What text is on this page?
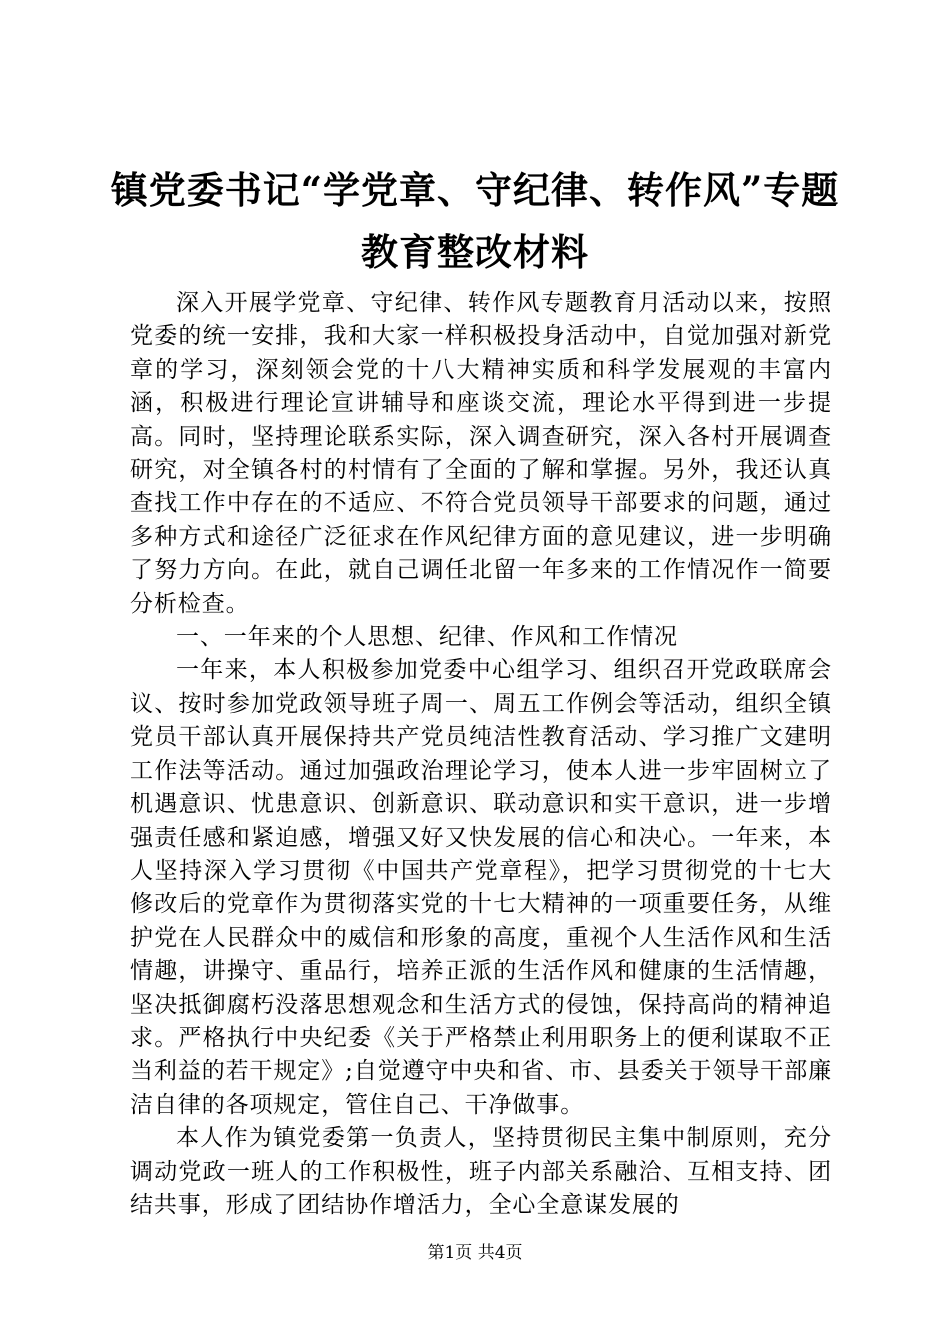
镇党委书记“学党章、守纪律、转作风”专题
教育整改材料

深入开展学党章、守纪律、转作风专题教育月活动以来，按照党委的统一安排，我和大家一样积极投身活动中，自觉加强对新党章的学习，深刻领会党的十八大精神实质和科学发展观的丰富内涵，积极进行理论宣讲辅导和座谈交流，理论水平得到进一步提高。同时，坚持理论联系实际，深入调查研究，深入各村开展调查研究，对全镇各村的村情有了全面的了解和掌握。另外，我还认真查找工作中存在的不适应、不符合党员领导干部要求的问题，通过多种方式和途径广泛征求在作风纪律方面的意见建议，进一步明确了努力方向。在此，就自己调任北留一年多来的工作情况作一简要分析检查。

一、一年来的个人思想、纪律、作风和工作情况

一年来，本人积极参加党委中心组学习、组织召开党政联席会议、按时参加党政领导班子周一、周五工作例会等活动，组织全镇党员干部认真开展保持共产党员纯洁性教育活动、学习推广文建明工作法等活动。通过加强政治理论学习，使本人进一步牢固树立了机遇意识、忧患意识、创新意识、联动意识和实干意识，进一步增强责任感和紧迫感，增强又好又快发展的信心和决心。一年来，本人坚持深入学习贯彻《中国共产党章程》，把学习贯彻党的十七大修改后的党章作为贯彻落实党的十七大精神的一项重要任务，从维护党在人民群众中的威信和形象的高度，重视个人生活作风和生活情趣，讲操守、重品行，培养正派的生活作风和健康的生活情趣，坚决抵御腐朽没落思想观念和生活方式的侵蚀，保持高尚的精神追求。严格执行中央纪委《关于严格禁止利用职务上的便利谋取不正当利益的若干规定》;自觉遵守中央和省、市、县委关于领导干部廉洁自律的各项规定，管住自己、干净做事。

本人作为镇党委第一负责人，坚持贯彻民主集中制原则，充分调动党政一班人的工作积极性，班子内部关系融洽、互相支持、团结共事，形成了团结协作增活力，全心全意谋发展的

第1页 共4页
